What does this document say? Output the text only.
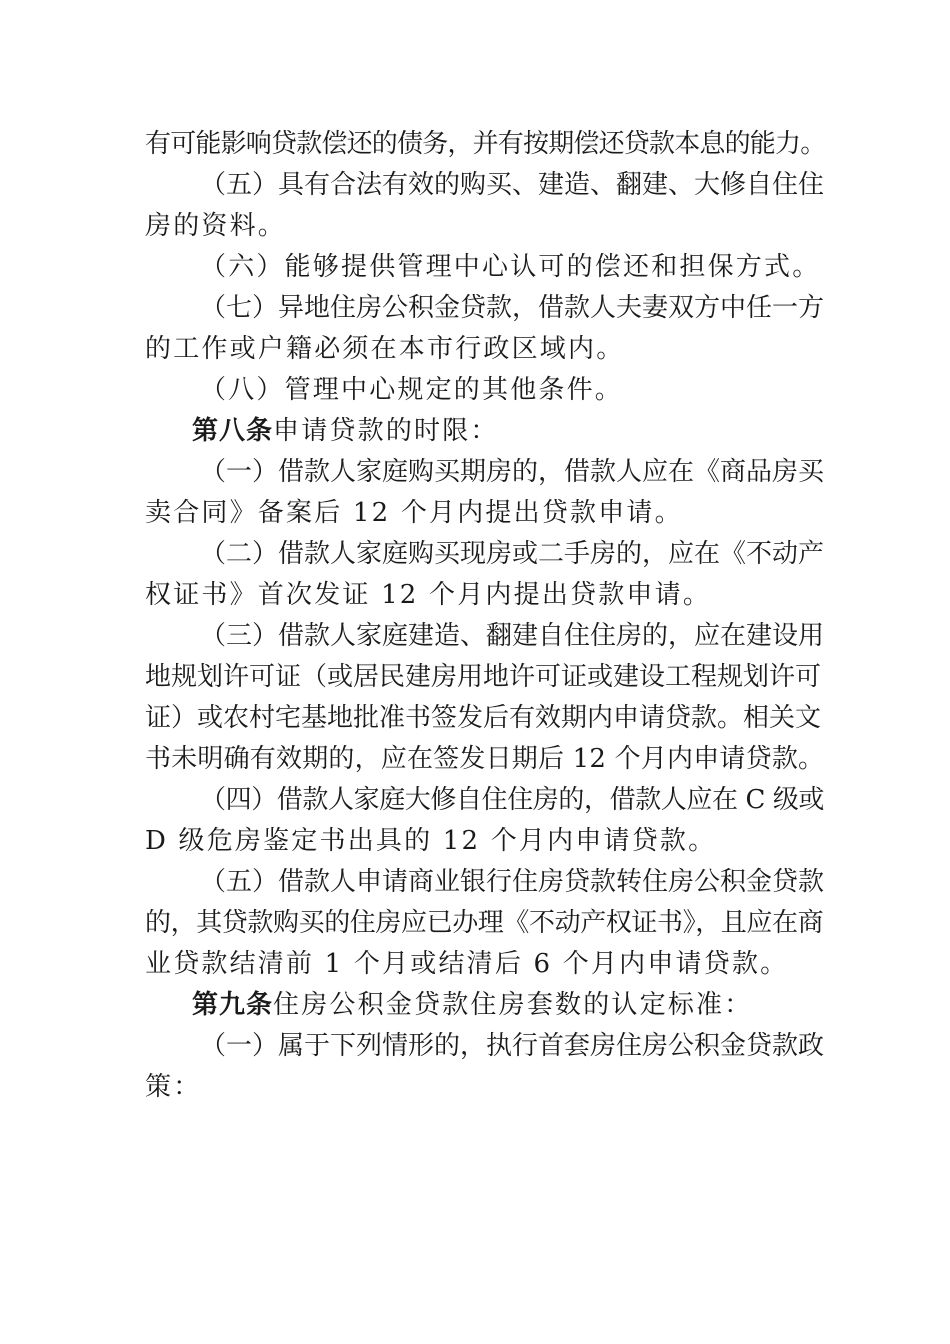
有可能影响贷款偿还的债务，并有按期偿还贷款本息的能力。
（五）具有合法有效的购买、建造、翻建、大修自住住
房的资料。
（六）能够提供管理中心认可的偿还和担保方式。
（七）异地住房公积金贷款，借款人夫妻双方中任一方
的工作或户籍必须在本市行政区域内。
（八）管理中心规定的其他条件。
第八条申请贷款的时限：
（一）借款人家庭购买期房的，借款人应在《商品房买
卖合同》备案后 12 个月内提出贷款申请。
（二）借款人家庭购买现房或二手房的，应在《不动产
权证书》首次发证 12 个月内提出贷款申请。
（三）借款人家庭建造、翻建自住住房的，应在建设用
地规划许可证（或居民建房用地许可证或建设工程规划许可
证）或农村宅基地批准书签发后有效期内申请贷款。相关文
书未明确有效期的，应在签发日期后 12 个月内申请贷款。
（四）借款人家庭大修自住住房的，借款人应在 C 级或
D 级危房鉴定书出具的 12 个月内申请贷款。
（五）借款人申请商业银行住房贷款转住房公积金贷款
的，其贷款购买的住房应已办理《不动产权证书》，且应在商
业贷款结清前 1 个月或结清后 6 个月内申请贷款。
第九条住房公积金贷款住房套数的认定标准：
（一）属于下列情形的，执行首套房住房公积金贷款政
策：
